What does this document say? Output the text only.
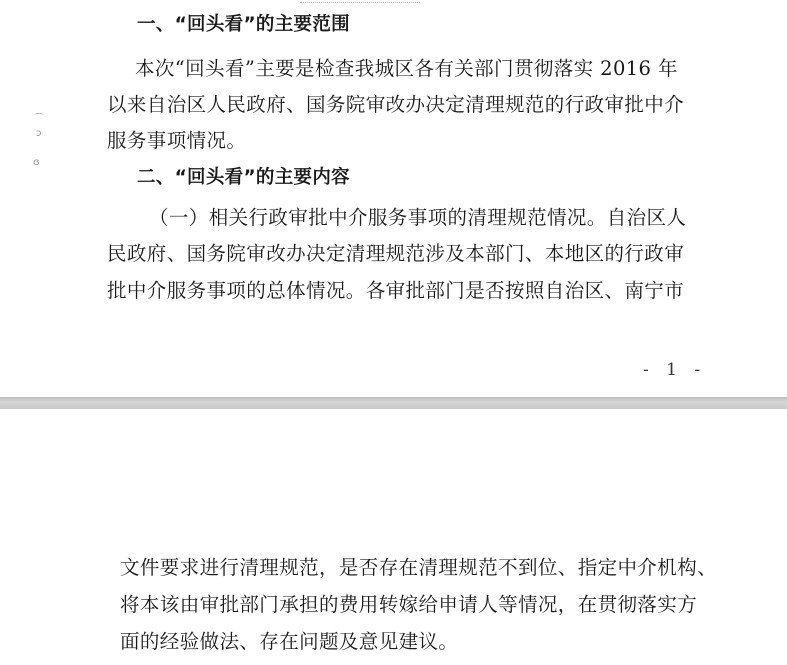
⌒
ɔ
ɞ
一、“回头看”的主要范围
本次“回头看”主要是检查我城区各有关部门贯彻落实 2016 年
以来自治区人民政府、国务院审改办决定清理规范的行政审批中介
服务事项情况。
二、“回头看”的主要内容
（一）相关行政审批中介服务事项的清理规范情况。自治区人
民政府、国务院审改办决定清理规范涉及本部门、本地区的行政审
批中介服务事项的总体情况。各审批部门是否按照自治区、南宁市
- 1 -
文件要求进行清理规范，是否存在清理规范不到位、指定中介机构、
将本该由审批部门承担的费用转嫁给申请人等情况，在贯彻落实方
面的经验做法、存在问题及意见建议。
